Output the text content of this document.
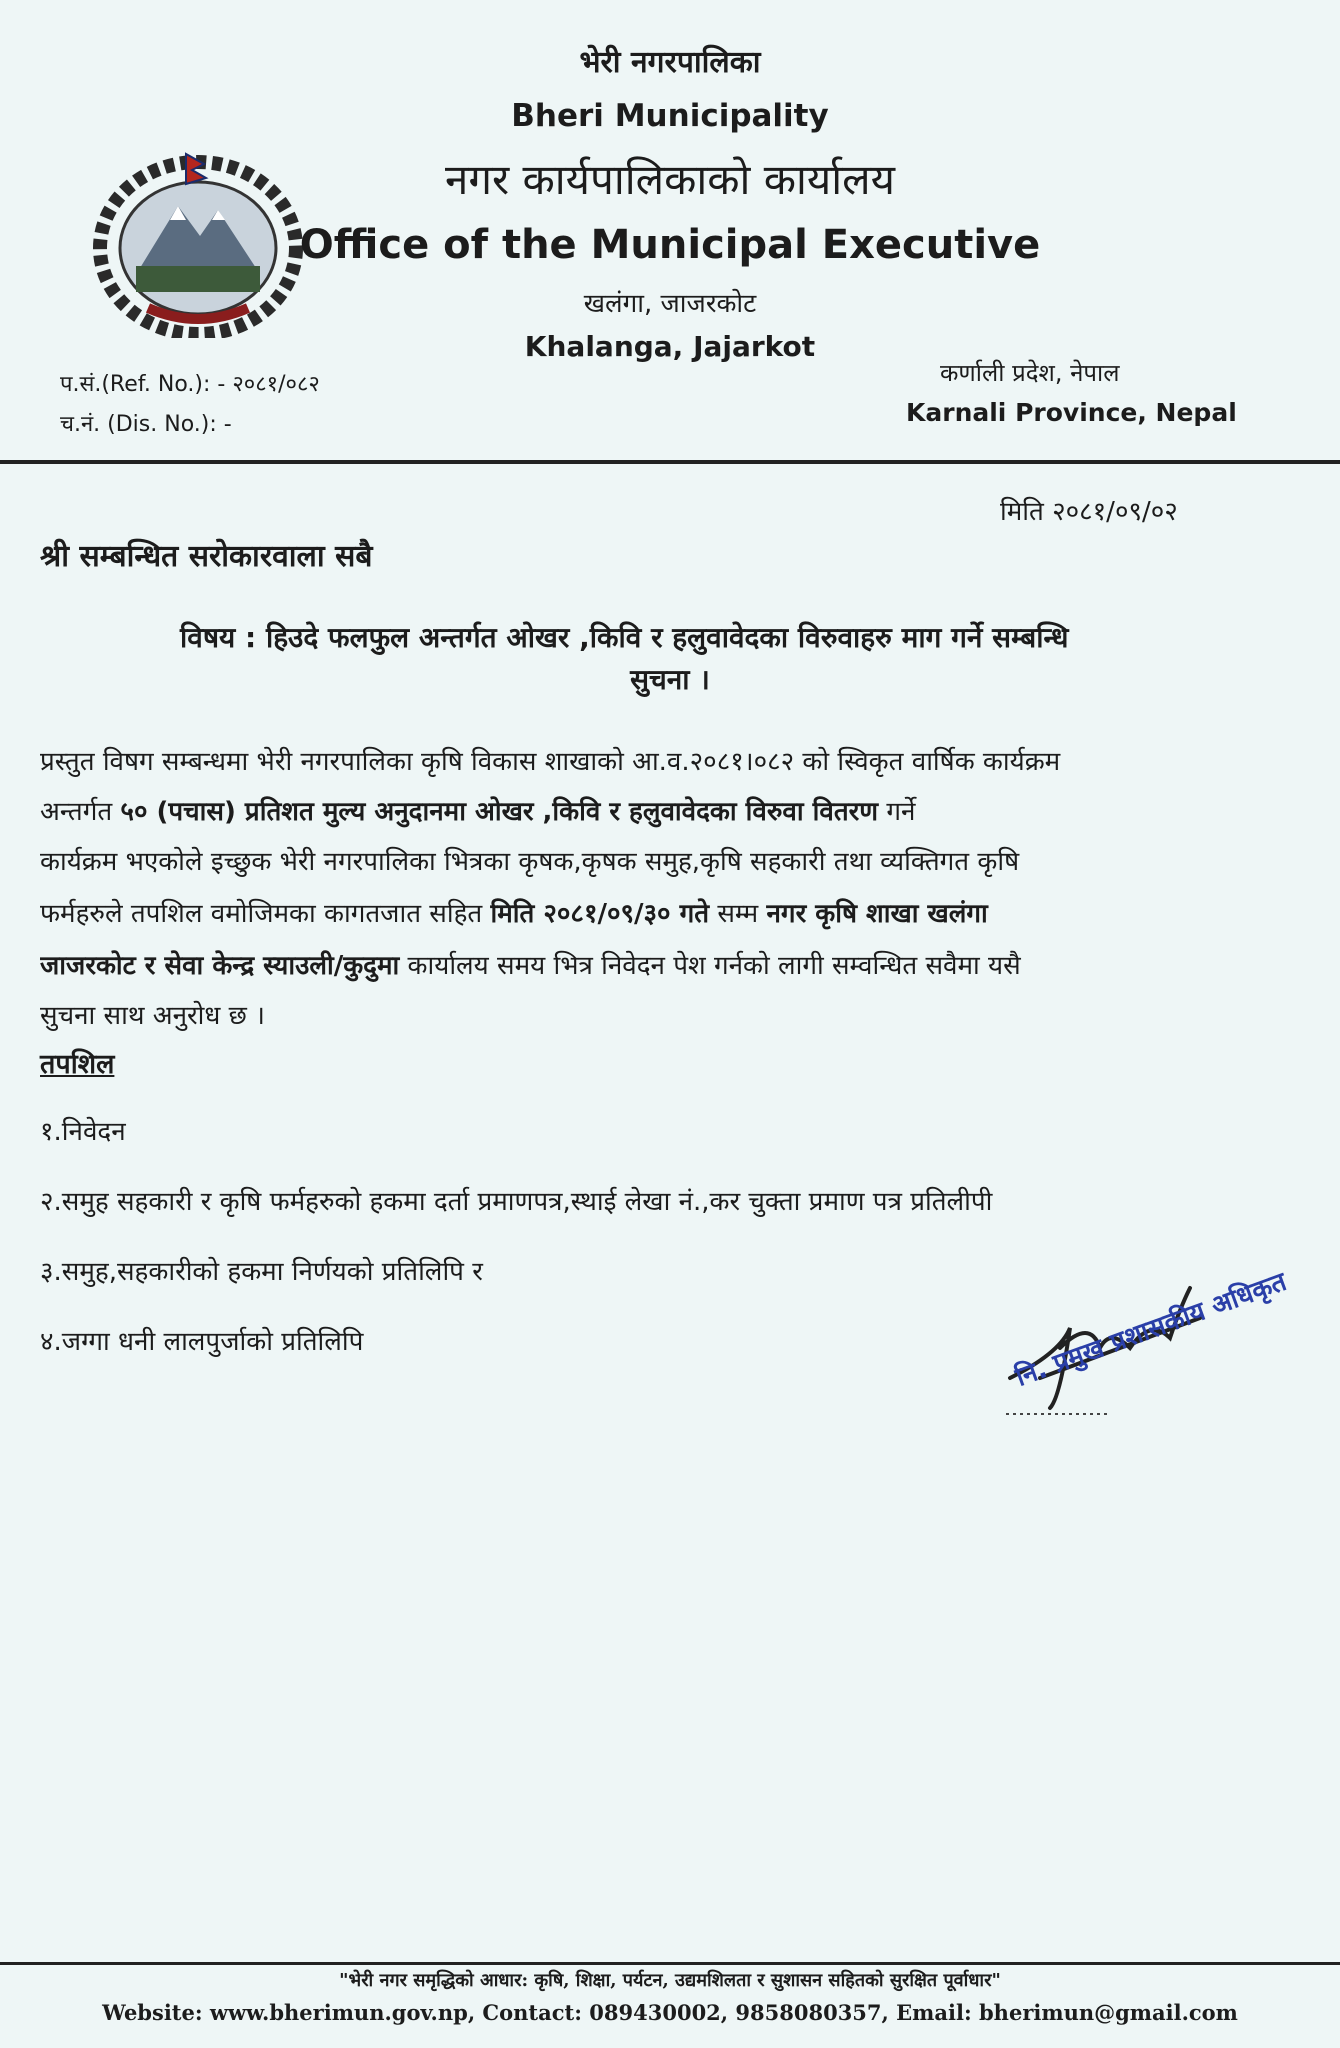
भेरी नगरपालिका
Bheri Municipality
नगर कार्यपालिकाको कार्यालय
Office of the Municipal Executive
खलंगा, जाजरकोट
Khalanga, Jajarkot
प.सं.(Ref. No.): - २०८१/०८२
च.नं. (Dis. No.): -
कर्णाली प्रदेश, नेपाल
Karnali Province, Nepal
मिति २०८१/०९/०२
श्री सम्बन्धित सरोकारवाला सबै
विषय : हिउदे फलफुल अन्तर्गत ओखर ,किवि र हलुवावेदका विरुवाहरु माग गर्ने सम्बन्धि
सुचना ।
प्रस्तुत विषग सम्बन्धमा भेरी नगरपालिका कृषि विकास शाखाको आ.व.२०८१।०८२ को स्विकृत वार्षिक कार्यक्रम
अन्तर्गत ५० (पचास) प्रतिशत मुल्य अनुदानमा ओखर ,किवि र हलुवावेदका विरुवा वितरण गर्ने
कार्यक्रम भएकोले इच्छुक भेरी नगरपालिका भित्रका कृषक,कृषक समुह,कृषि सहकारी तथा व्यक्तिगत कृषि
फर्महरुले तपशिल वमोजिमका कागतजात सहित मिति २०८१/०९/३० गते सम्म नगर कृषि शाखा खलंगा
जाजरकोट र सेवा केन्द्र स्याउली/कुदुमा कार्यालय समय भित्र निवेदन पेश गर्नको लागी सम्वन्धित सवैमा यसै
सुचना साथ अनुरोध छ ।
तपशिल
१.निवेदन
२.समुह सहकारी र कृषि फर्महरुको हकमा दर्ता प्रमाणपत्र,स्थाई लेखा नं.,कर चुक्ता प्रमाण पत्र प्रतिलीपी
३.समुह,सहकारीको हकमा निर्णयको प्रतिलिपि र
४.जग्गा धनी लालपुर्जाको प्रतिलिपि	नि. प्रमुख प्रशासकीय अधिकृत
"भेरी नगर समृद्धिको आधार: कृषि, शिक्षा, पर्यटन, उद्यमशिलता र सुशासन सहितको सुरक्षित पूर्वाधार"
Website: www.bherimun.gov.np, Contact: 089430002, 9858080357, Email: bherimun@gmail.com
